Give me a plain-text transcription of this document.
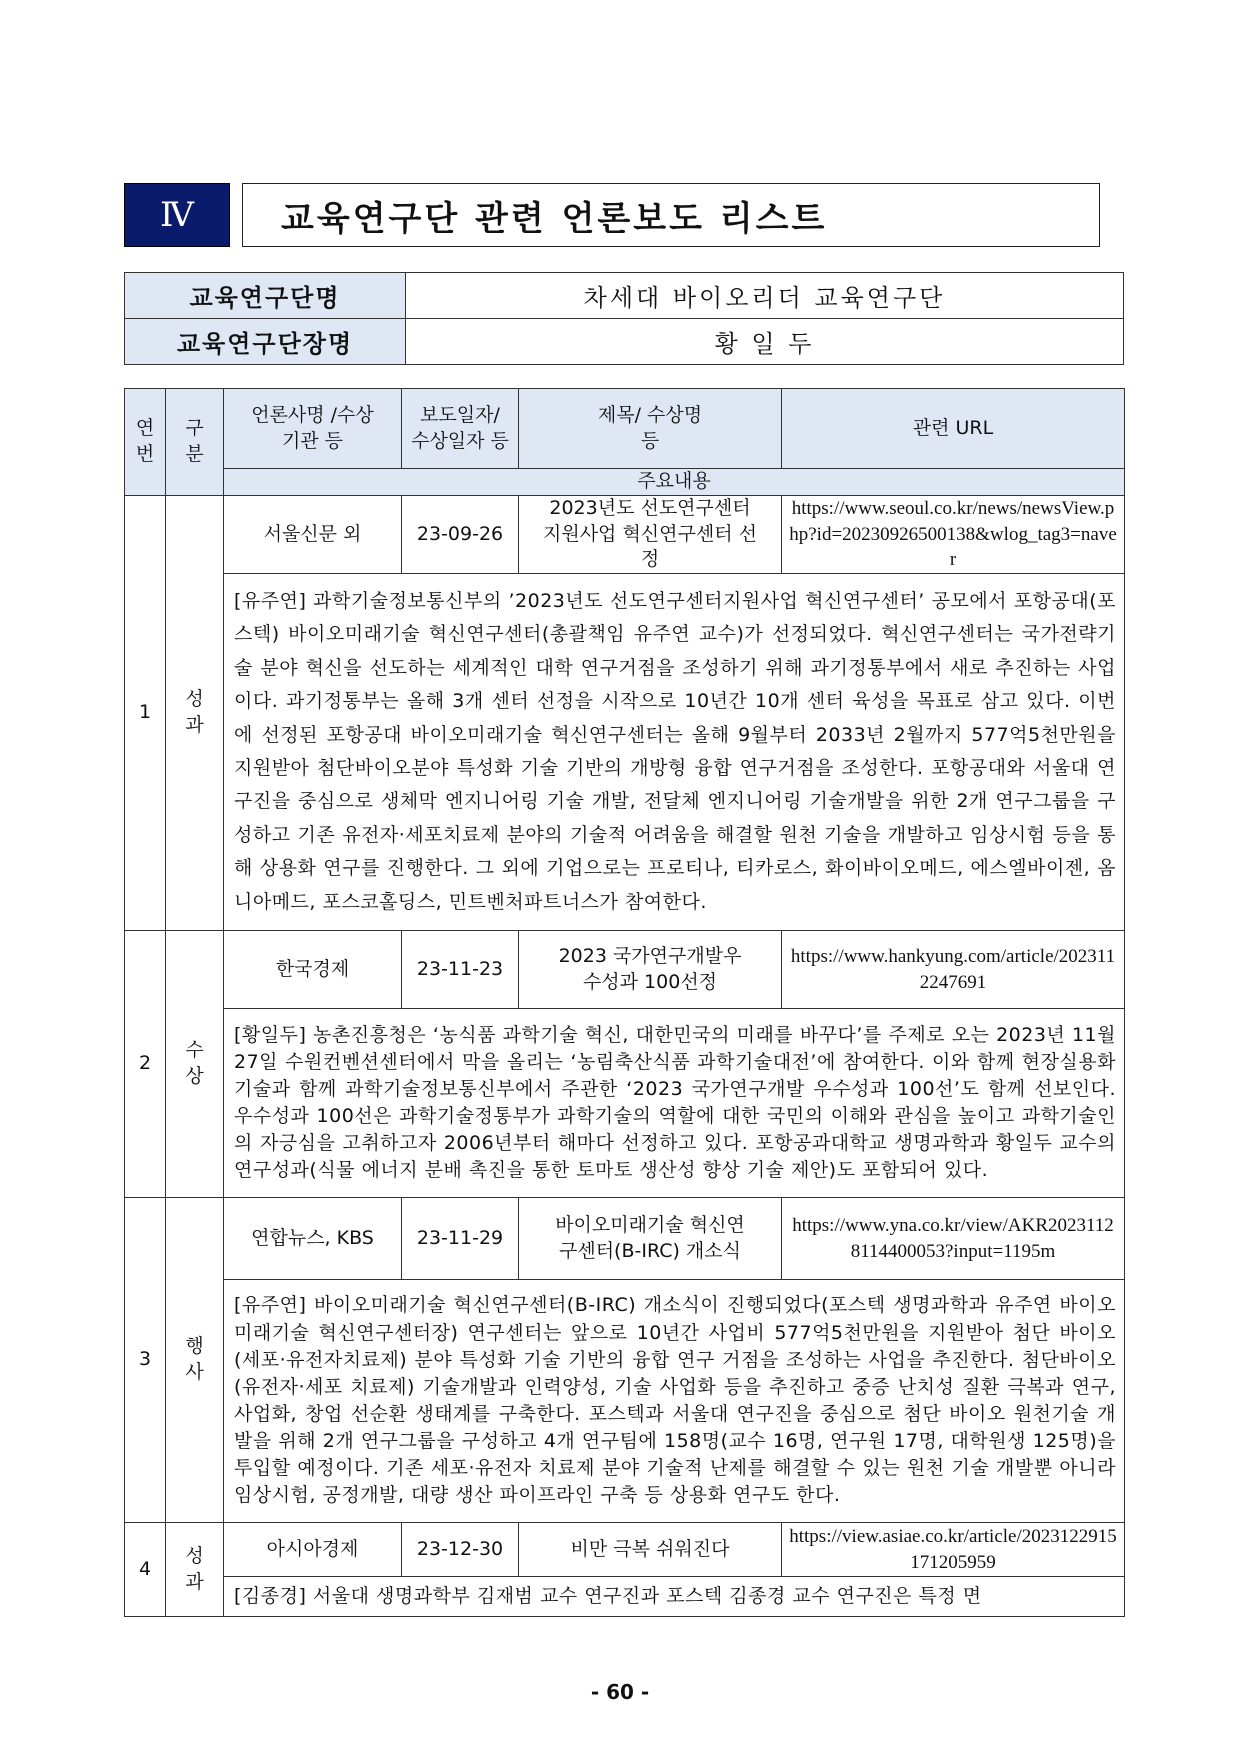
Ⅳ	교육연구단 관련 언론보도 리스트
교육연구단명	차세대 바이오리더 교육연구단
교육연구단장명	황 일 두
연 번	구 분	언론사명 /수상기관 등	보도일자/ 수상일자 등	제목/ 수상명 등	관련 URL
		주요내용			
1	성 과	서울신문 외	23-09-26	2023년도 선도연구센터지원사업 혁신연구센터 선정	https://www.seoul.co.kr/news/newsView.php?id=20230926500138&wlog_tag3=naver
		[유주연] 과학기술정보통신부의 ’2023년도 선도연구센터지원사업 혁신연구센터’ 공모에서 포항공대(포스텍) 바이오미래기술 혁신연구센터(총괄책임 유주연 교수)가 선정되었다. 혁신연구센터는 국가전략기술 분야 혁신을 선도하는 세계적인 대학 연구거점을 조성하기 위해 과기정통부에서 새로 추진하는 사업이다. 과기정통부는 올해 3개 센터 선정을 시작으로 10년간 10개 센터 육성을 목표로 삼고 있다. 이번에 선정된 포항공대 바이오미래기술 혁신연구센터는 올해 9월부터 2033년 2월까지 577억5천만원을 지원받아 첨단바이오분야 특성화 기술 기반의 개방형 융합 연구거점을 조성한다. 포항공대와 서울대 연구진을 중심으로 생체막 엔지니어링 기술 개발, 전달체 엔지니어링 기술개발을 위한 2개 연구그룹을 구성하고 기존 유전자·세포치료제 분야의 기술적 어려움을 해결할 원천 기술을 개발하고 임상시험 등을 통해 상용화 연구를 진행한다. 그 외에 기업으로는 프로티나, 티카로스, 화이바이오메드, 에스엘바이젠, 옴니아메드, 포스코홀딩스, 민트벤처파트너스가 참여한다.			
2	수 상	한국경제	23-11-23	2023 국가연구개발우수성과 100선정	https://www.hankyung.com/article/2023112247691
		[황일두] 농촌진흥청은 ‘농식품 과학기술 혁신, 대한민국의 미래를 바꾸다’를 주제로 오는 2023년 11월 27일 수원컨벤션센터에서 막을 올리는 ‘농림축산식품 과학기술대전’에 참여한다. 이와 함께 현장실용화 기술과 함께 과학기술정보통신부에서 주관한 ‘2023 국가연구개발 우수성과 100선’도 함께 선보인다. 우수성과 100선은 과학기술정통부가 과학기술의 역할에 대한 국민의 이해와 관심을 높이고 과학기술인의 자긍심을 고취하고자 2006년부터 해마다 선정하고 있다. 포항공과대학교 생명과학과 황일두 교수의 연구성과(식물 에너지 분배 촉진을 통한 토마토 생산성 향상 기술 제안)도 포함되어 있다.			
3	행 사	연합뉴스, KBS	23-11-29	바이오미래기술 혁신연구센터(B-IRC) 개소식	https://www.yna.co.kr/view/AKR20231128114400053?input=1195m
		[유주연] 바이오미래기술 혁신연구센터(B-IRC) 개소식이 진행되었다(포스텍 생명과학과 유주연 바이오미래기술 혁신연구센터장) 연구센터는 앞으로 10년간 사업비 577억5천만원을 지원받아 첨단 바이오(세포·유전자치료제) 분야 특성화 기술 기반의 융합 연구 거점을 조성하는 사업을 추진한다. 첨단바이오(유전자·세포 치료제) 기술개발과 인력양성, 기술 사업화 등을 추진하고 중증 난치성 질환 극복과 연구, 사업화, 창업 선순환 생태계를 구축한다. 포스텍과 서울대 연구진을 중심으로 첨단 바이오 원천기술 개발을 위해 2개 연구그룹을 구성하고 4개 연구팀에 158명(교수 16명, 연구원 17명, 대학원생 125명)을 투입할 예정이다. 기존 세포·유전자 치료제 분야 기술적 난제를 해결할 수 있는 원천 기술 개발뿐 아니라 임상시험, 공정개발, 대량 생산 파이프라인 구축 등 상용화 연구도 한다.			
4	성 과	아시아경제	23-12-30	비만 극복 쉬워진다	https://view.asiae.co.kr/article/2023122915171205959
		[김종경] 서울대 생명과학부 김재범 교수 연구진과 포스텍 김종경 교수 연구진은 특정 면			
- 60 -
